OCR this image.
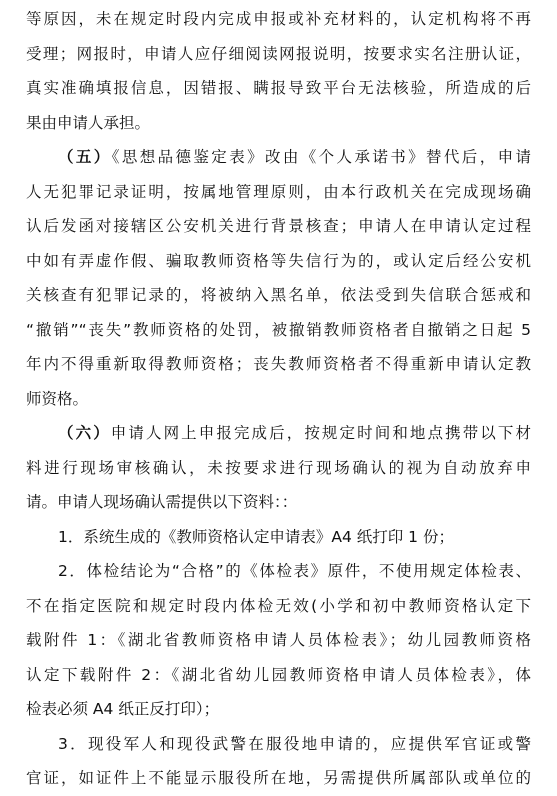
等原因，未在规定时段内完成申报或补充材料的，认定机构将不再
受理；网报时，申请人应仔细阅读网报说明，按要求实名注册认证，
真实准确填报信息，因错报、瞒报导致平台无法核验，所造成的后
果由申请人承担。
（五）《思想品德鉴定表》改由《个人承诺书》替代后，申请
人无犯罪记录证明，按属地管理原则，由本行政机关在完成现场确
认后发函对接辖区公安机关进行背景核查；申请人在申请认定过程
中如有弄虚作假、骗取教师资格等失信行为的，或认定后经公安机
关核查有犯罪记录的，将被纳入黑名单，依法受到失信联合惩戒和
“撤销”“丧失”教师资格的处罚，被撤销教师资格者自撤销之日起 5
年内不得重新取得教师资格；丧失教师资格者不得重新申请认定教
师资格。
（六）申请人网上申报完成后，按规定时间和地点携带以下材
料进行现场审核确认，未按要求进行现场确认的视为自动放弃申
请。申请人现场确认需提供以下资料：：
1．系统生成的《教师资格认定申请表》A4 纸打印 1 份；
2．体检结论为“合格”的《体检表》原件，不使用规定体检表、
不在指定医院和规定时段内体检无效(小学和初中教师资格认定下
载附件 1：《湖北省教师资格申请人员体检表》；幼儿园教师资格
认定下载附件 2：《湖北省幼儿园教师资格申请人员体检表》，体
检表必须 A4 纸正反打印）；
3．现役军人和现役武警在服役地申请的，应提供军官证或警
官证，如证件上不能显示服役所在地，另需提供所属部队或单位的
